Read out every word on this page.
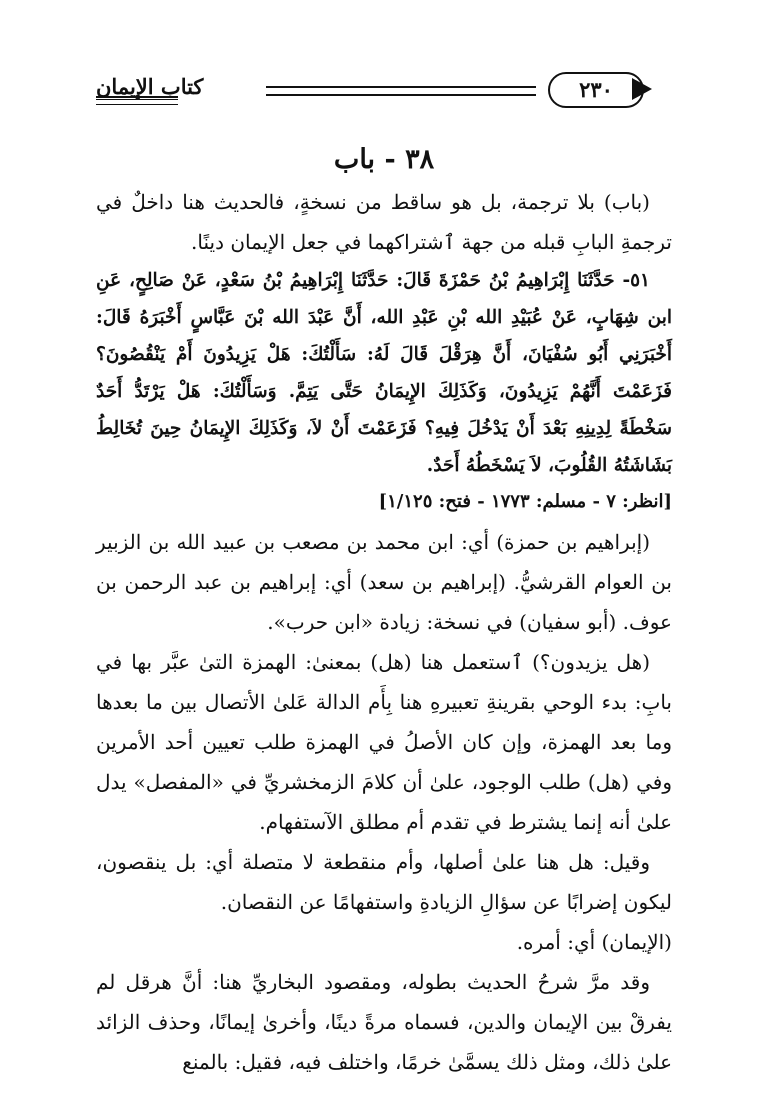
كتاب الإيمان	٢٣٠
٣٨ - باب

(باب) بلا ترجمة، بل هو ساقط من نسخةٍ، فالحديث هنا داخلٌ في ترجمةِ البابِ قبله من جهة ٱشتراكهما في جعل الإيمان دينًا.

٥١- حَدَّثَنَا إِبْرَاهِيمُ بْنُ حَمْزَةَ قَالَ: حَدَّثَنَا إِبْرَاهِيمُ بْنُ سَعْدٍ، عَنْ صَالِحٍ، عَنِ ابن شِهَابٍ، عَنْ عُبَيْدِ الله بْنِ عَبْدِ الله، أَنَّ عَبْدَ الله بْنَ عَبَّاسٍ أَخْبَرَهُ قَالَ: أَخْبَرَنِي أَبُو سُفْيَانَ، أَنَّ هِرَقْلَ قَالَ لَهُ: سَأَلْتُكَ: هَلْ يَزِيدُونَ أَمْ يَنْقُصُونَ؟ فَزَعَمْتَ أَنَّهُمْ يَزِيدُونَ، وَكَذَلِكَ الإِيمَانُ حَتَّى يَتِمَّ. وَسَأَلْتُكَ: هَلْ يَرْتَدُّ أَحَدٌ سَخْطَةً لِدِينِهِ بَعْدَ أَنْ يَدْخُلَ فِيهِ؟ فَزَعَمْتَ أَنْ لاَ، وَكَذَلِكَ الإِيمَانُ حِينَ تُخَالِطُ بَشَاشَتُهُ القُلُوبَ، لاَ يَسْخَطُهُ أَحَدٌ.

[انظر: ٧ - مسلم: ١٧٧٣ - فتح: ١/١٢٥]

(إبراهيم بن حمزة) أي: ابن محمد بن مصعب بن عبيد الله بن الزبير بن العوام القرشيُّ. (إبراهيم بن سعد) أي: إبراهيم بن عبد الرحمن بن عوف. (أبو سفيان) في نسخة: زيادة «ابن حرب».

(هل يزيدون؟) ٱستعمل هنا (هل) بمعنىٰ: الهمزة التىٰ عبَّر بها في بابِ: بدء الوحي بقرينةِ تعبيرهِ هنا بِأَم الدالة عَلىٰ الأتصال بين ما بعدها وما بعد الهمزة، وإن كان الأصلُ في الهمزة طلب تعيين أحد الأمرين وفي (هل) طلب الوجود، علىٰ أن كلامَ الزمخشريِّ في «المفصل» يدل علىٰ أنه إنما يشترط في تقدم أم مطلق الآستفهام.

وقيل: هل هنا علىٰ أصلها، وأم منقطعة لا متصلة أي: بل ينقصون، ليكون إضرابًا عن سؤالِ الزيادةِ واستفهامًا عن النقصان.

(الإيمان) أي: أمره.

وقد مرَّ شرحُ الحديث بطوله، ومقصود البخاريِّ هنا: أنَّ هرقل لم يفرقْ بين الإيمان والدين، فسماه مرةً دينًا، وأخرىٰ إيمانًا، وحذف الزائد علىٰ ذلك، ومثل ذلك يسمَّىٰ خرمًا، واختلف فيه، فقيل: بالمنع
